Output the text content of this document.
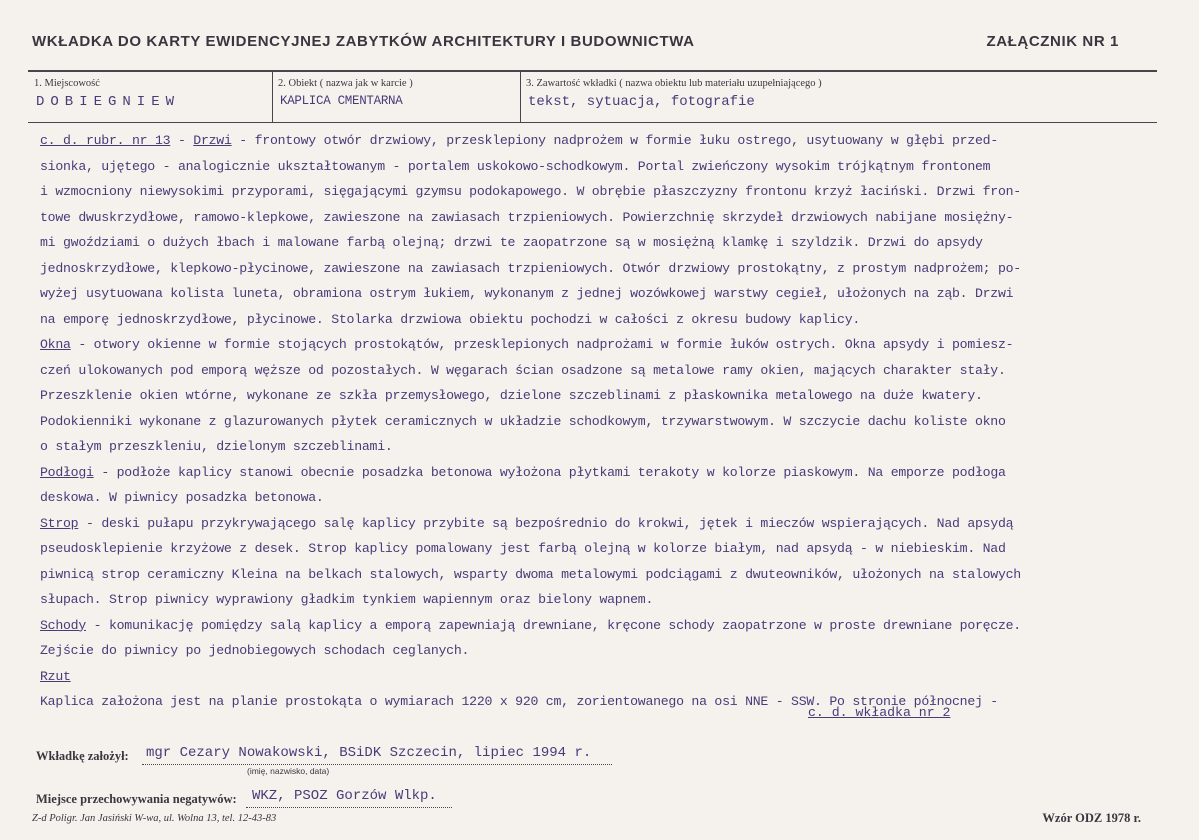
WKŁADKA DO KARTY EWIDENCYJNEJ ZABYTKÓW ARCHITEKTURY I BUDOWNICTWA	ZAŁĄCZNIK NR 1
1. Miejscowość
DOBIEGNIEW
2. Obiekt ( nazwa jak w karcie )
KAPLICA CMENTARNA
3. Zawartość wkładki ( nazwa obiektu lub materiału uzupełniającego )
tekst, sytuacja, fotografie

c. d. rubr. nr 13 - Drzwi - frontowy otwór drzwiowy, przesklepiony nadprożem w formie łuku ostrego, usytuowany w głębi przed-

sionka, ujętego - analogicznie ukształtowanym - portalem uskokowo-schodkowym. Portal zwieńczony wysokim trójkątnym frontonem

i wzmocniony niewysokimi przyporami, sięgającymi gzymsu podokapowego. W obrębie płaszczyzny frontonu krzyż łaciński. Drzwi fron-

towe dwuskrzydłowe, ramowo-klepkowe, zawieszone na zawiasach trzpieniowych. Powierzchnię skrzydeł drzwiowych nabijane mosiężny-

mi gwoździami o dużych łbach i malowane farbą olejną; drzwi te zaopatrzone są w mosiężną klamkę i szyldzik. Drzwi do apsydy

jednoskrzydłowe, klepkowo-płycinowe, zawieszone na zawiasach trzpieniowych. Otwór drzwiowy prostokątny, z prostym nadprożem; po-

wyżej usytuowana kolista luneta, obramiona ostrym łukiem, wykonanym z jednej wozówkowej warstwy cegieł, ułożonych na ząb. Drzwi

na emporę jednoskrzydłowe, płycinowe. Stolarka drzwiowa obiektu pochodzi w całości z okresu budowy kaplicy.

Okna - otwory okienne w formie stojących prostokątów, przesklepionych nadprożami w formie łuków ostrych. Okna apsydy i pomiesz-

czeń ulokowanych pod emporą węższe od pozostałych. W węgarach ścian osadzone są metalowe ramy okien, mających charakter stały.

Przeszklenie okien wtórne, wykonane ze szkła przemysłowego, dzielone szczeblinami z płaskownika metalowego na duże kwatery.

Podokienniki wykonane z glazurowanych płytek ceramicznych w układzie schodkowym, trzywarstwowym. W szczycie dachu koliste okno

o stałym przeszkleniu, dzielonym szczeblinami.

Podłogi - podłoże kaplicy stanowi obecnie posadzka betonowa wyłożona płytkami terakoty w kolorze piaskowym. Na emporze podłoga

deskowa. W piwnicy posadzka betonowa.

Strop - deski pułapu przykrywającego salę kaplicy przybite są bezpośrednio do krokwi, jętek i mieczów wspierających. Nad apsydą

pseudosklepienie krzyżowe z desek. Strop kaplicy pomalowany jest farbą olejną w kolorze białym, nad apsydą - w niebieskim. Nad

piwnicą strop ceramiczny Kleina na belkach stalowych, wsparty dwoma metalowymi podciągami z dwuteowników, ułożonych na stalowych

słupach. Strop piwnicy wyprawiony gładkim tynkiem wapiennym oraz bielony wapnem.

Schody - komunikację pomiędzy salą kaplicy a emporą zapewniają drewniane, kręcone schody zaopatrzone w proste drewniane poręcze.

Zejście do piwnicy po jednobiegowych schodach ceglanych.

Rzut

Kaplica założona jest na planie prostokąta o wymiarach 1220 x 920 cm, zorientowanego na osi NNE - SSW. Po stronie północnej -

c. d. wkładka nr 2
Wkładkę założył: mgr Cezary Nowakowski, BSiDK Szczecin, lipiec 1994 r.
(imię, nazwisko, data)
Miejsce przechowywania negatywów: WKZ, PSOZ Gorzów Wlkp.
Z-d Poligr. Jan Jasiński W-wa, ul. Wolna 13, tel. 12-43-83	Wzór ODZ 1978 r.
